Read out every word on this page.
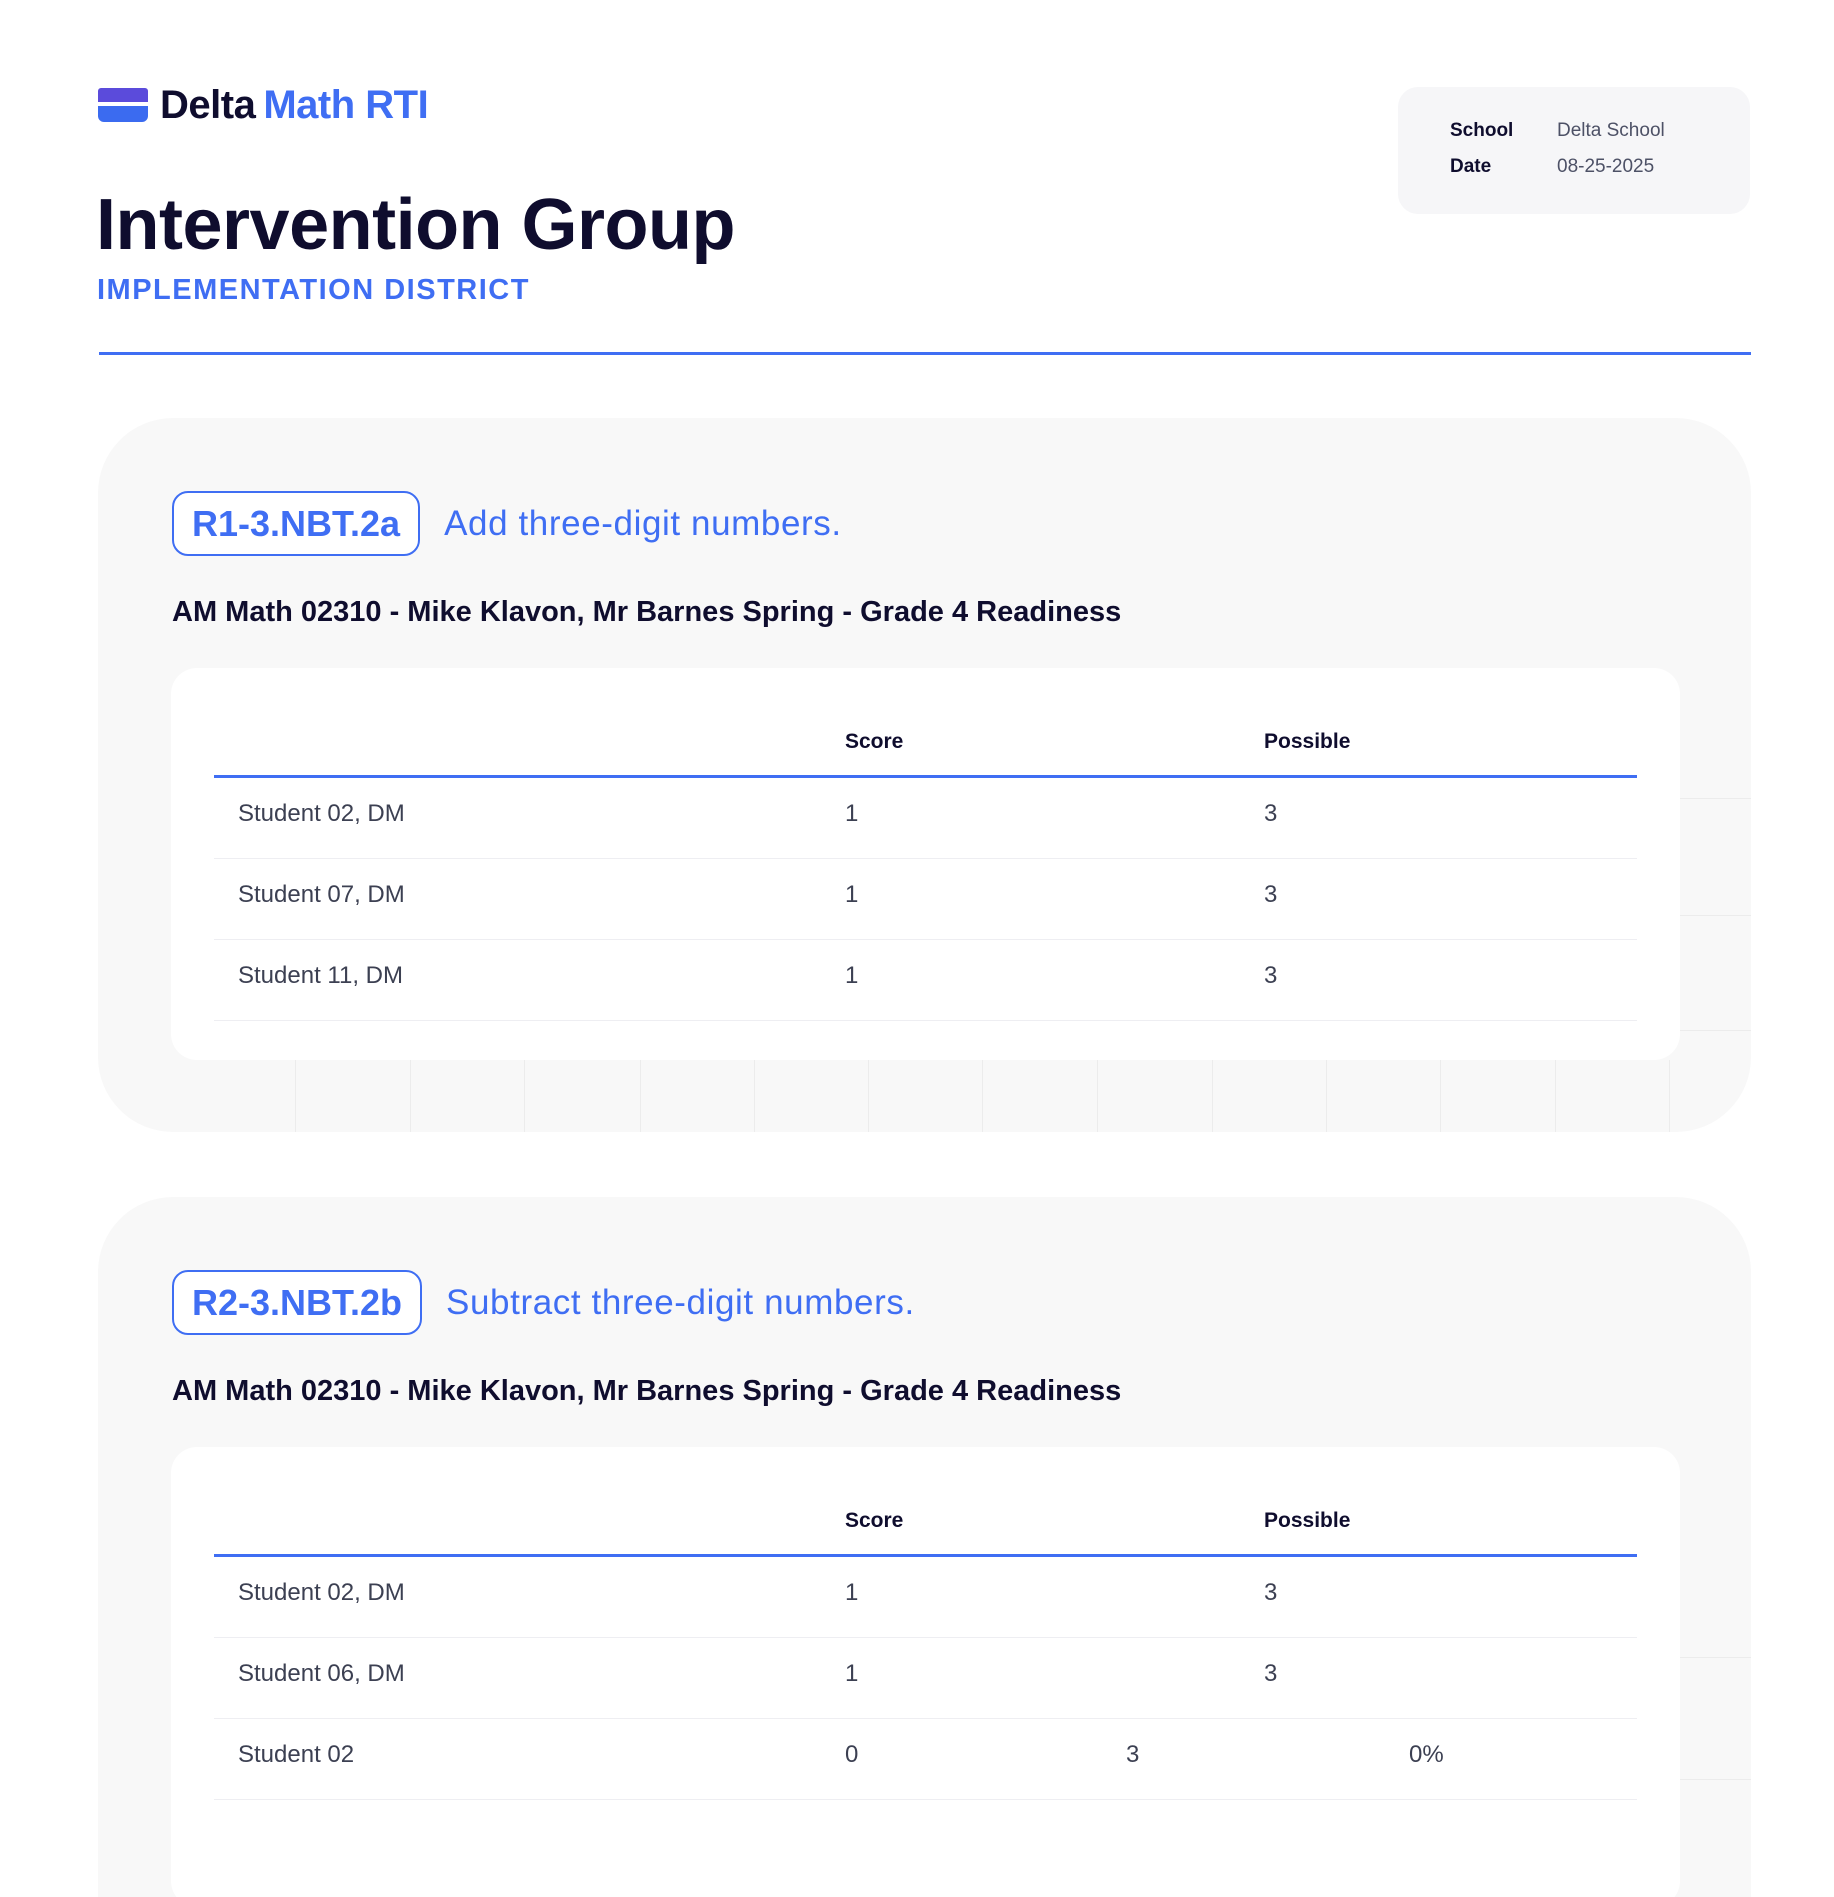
Delta Math RTI
Intervention Group
IMPLEMENTATION DISTRICT
School	Delta School
Date	08-25-2025
R1-3.NBT.2a	Add three-digit numbers.
AM Math 02310 - Mike Klavon, Mr Barnes Spring - Grade 4 Readiness
Score	Possible
Student 02, DM	1	3
Student 07, DM	1	3
Student 11, DM	1	3
R2-3.NBT.2b	Subtract three-digit numbers.
AM Math 02310 - Mike Klavon, Mr Barnes Spring - Grade 4 Readiness
Score	Possible
Student 02, DM	1	3
Student 06, DM	1	3
Student 02	0	3	0%
